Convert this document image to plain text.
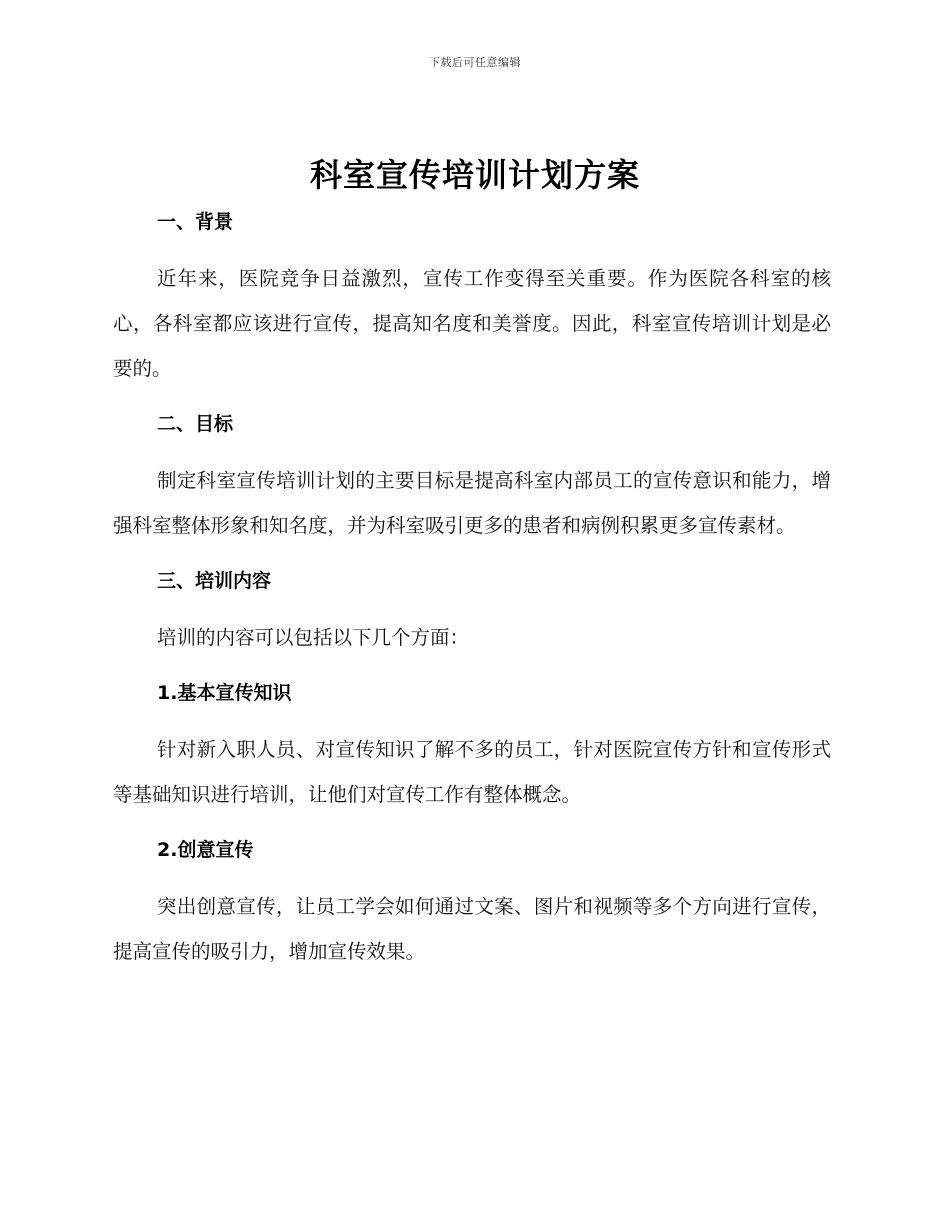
下载后可任意编辑
科室宣传培训计划方案

一、背景

近年来，医院竞争日益激烈，宣传工作变得至关重要。作为医院各科室的核心，各科室都应该进行宣传，提高知名度和美誉度。因此，科室宣传培训计划是必要的。

二、目标

制定科室宣传培训计划的主要目标是提高科室内部员工的宣传意识和能力，增强科室整体形象和知名度，并为科室吸引更多的患者和病例积累更多宣传素材。

三、培训内容

培训的内容可以包括以下几个方面：

1.基本宣传知识

针对新入职人员、对宣传知识了解不多的员工，针对医院宣传方针和宣传形式等基础知识进行培训，让他们对宣传工作有整体概念。

2.创意宣传

突出创意宣传，让员工学会如何通过文案、图片和视频等多个方向进行宣传，提高宣传的吸引力，增加宣传效果。
